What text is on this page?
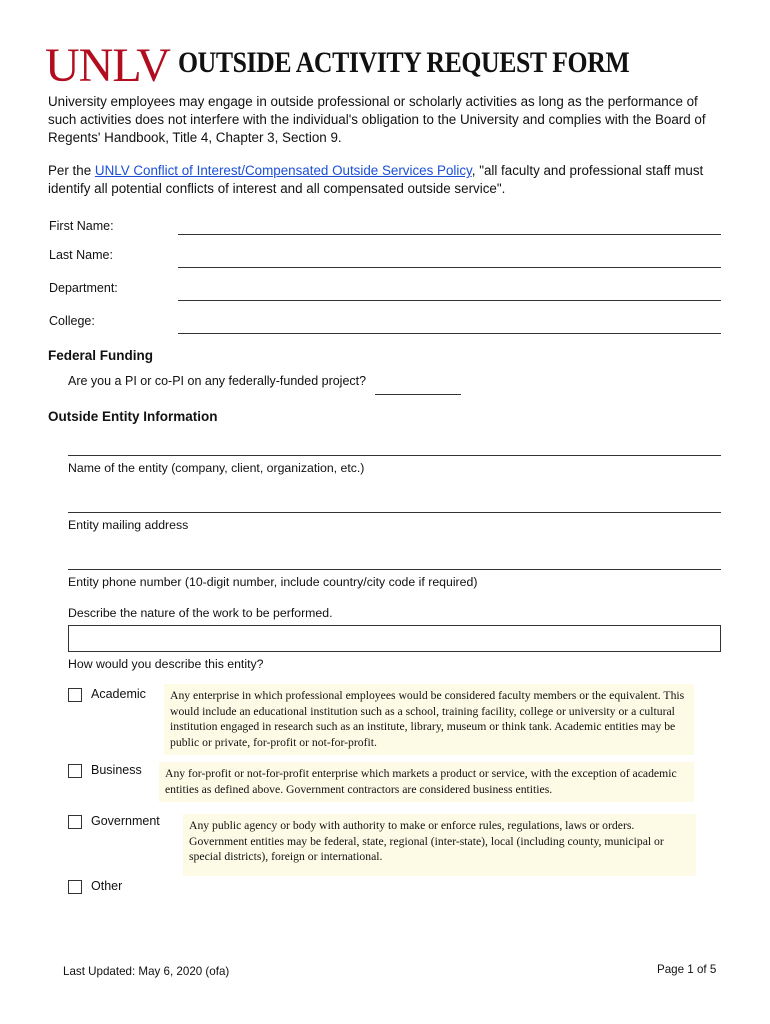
UNLV OUTSIDE ACTIVITY REQUEST FORM
University employees may engage in outside professional or scholarly activities as long as the performance of such activities does not interfere with the individual's obligation to the University and complies with the Board of Regents' Handbook, Title 4, Chapter 3, Section 9.
Per the UNLV Conflict of Interest/Compensated Outside Services Policy, "all faculty and professional staff must identify all potential conflicts of interest and all compensated outside service".
First Name:
Last Name:
Department:
College:
Federal Funding
Are you a PI or co-PI on any federally-funded project?
Outside Entity Information
Name of the entity (company, client, organization, etc.)
Entity mailing address
Entity phone number (10-digit number, include country/city code if required)
Describe the nature of the work to be performed.
How would you describe this entity?
Academic	Any enterprise in which professional employees would be considered faculty members or the equivalent. This would include an educational institution such as a school, training facility, college or university or a cultural institution engaged in research such as an institute, library, museum or think tank. Academic entities may be public or private, for-profit or not-for-profit.
Business	Any for-profit or not-for-profit enterprise which markets a product or service, with the exception of academic entities as defined above. Government contractors are considered business entities.
Government	Any public agency or body with authority to make or enforce rules, regulations, laws or orders. Government entities may be federal, state, regional (inter-state), local (including county, municipal or special districts), foreign or international.
Other
Last Updated: May 6, 2020 (ofa)	Page 1 of 5
